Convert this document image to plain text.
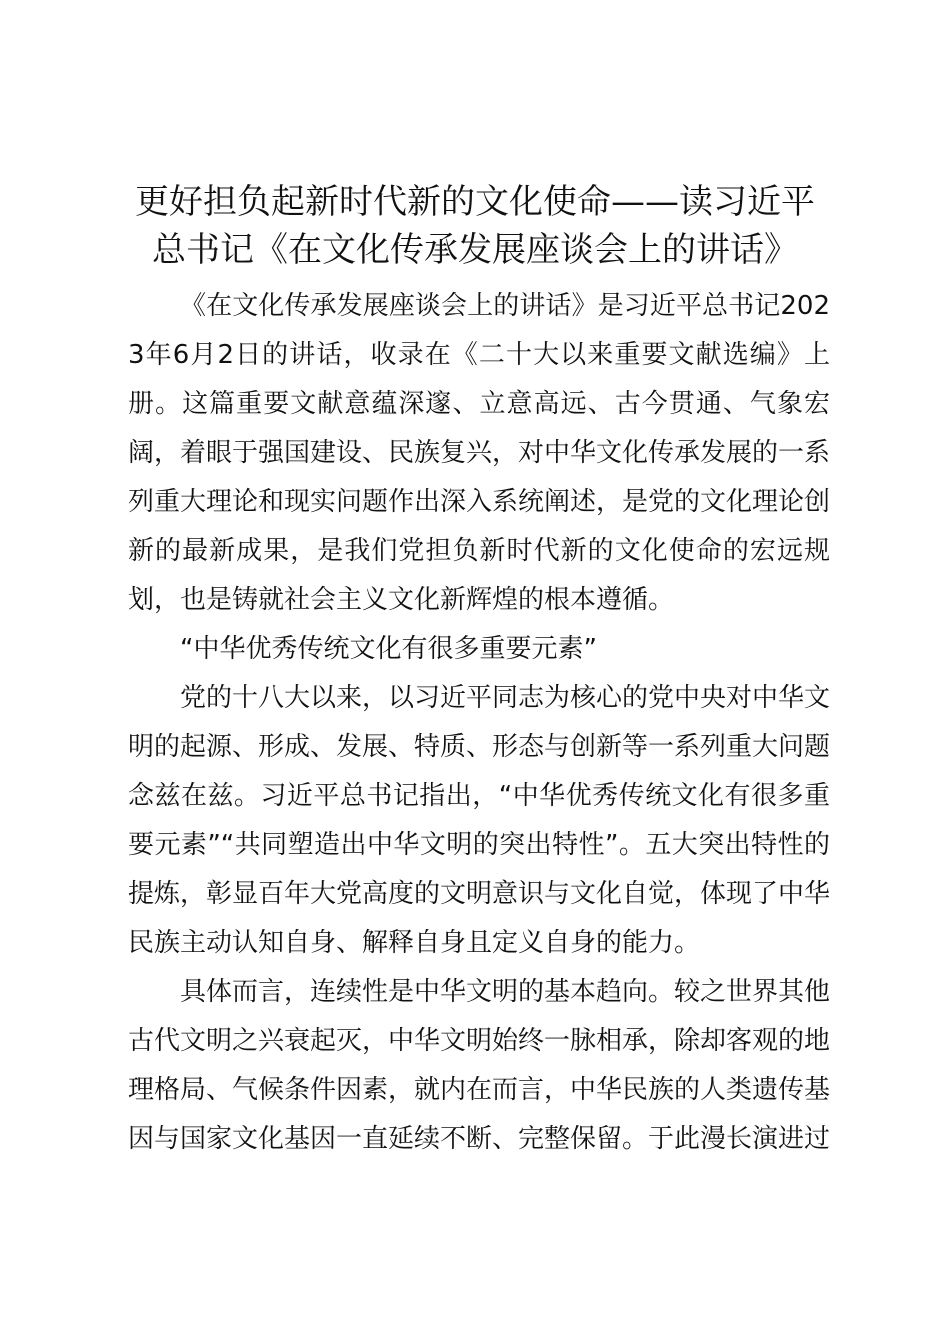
更好担负起新时代新的文化使命——读习近平总书记《在文化传承发展座谈会上的讲话》

《在文化传承发展座谈会上的讲话》是习近平总书记2023年6月2日的讲话，收录在《二十大以来重要文献选编》上册。这篇重要文献意蕴深邃、立意高远、古今贯通、气象宏阔，着眼于强国建设、民族复兴，对中华文化传承发展的一系列重大理论和现实问题作出深入系统阐述，是党的文化理论创新的最新成果，是我们党担负新时代新的文化使命的宏远规划，也是铸就社会主义文化新辉煌的根本遵循。

“中华优秀传统文化有很多重要元素”

党的十八大以来，以习近平同志为核心的党中央对中华文明的起源、形成、发展、特质、形态与创新等一系列重大问题念兹在兹。习近平总书记指出，“中华优秀传统文化有很多重要元素”“共同塑造出中华文明的突出特性”。五大突出特性的提炼，彰显百年大党高度的文明意识与文化自觉，体现了中华民族主动认知自身、解释自身且定义自身的能力。

具体而言，连续性是中华文明的基本趋向。较之世界其他古代文明之兴衰起灭，中华文明始终一脉相承，除却客观的地理格局、气候条件因素，就内在而言，中华民族的人类遗传基因与国家文化基因一直延续不断、完整保留。于此漫长演进过
